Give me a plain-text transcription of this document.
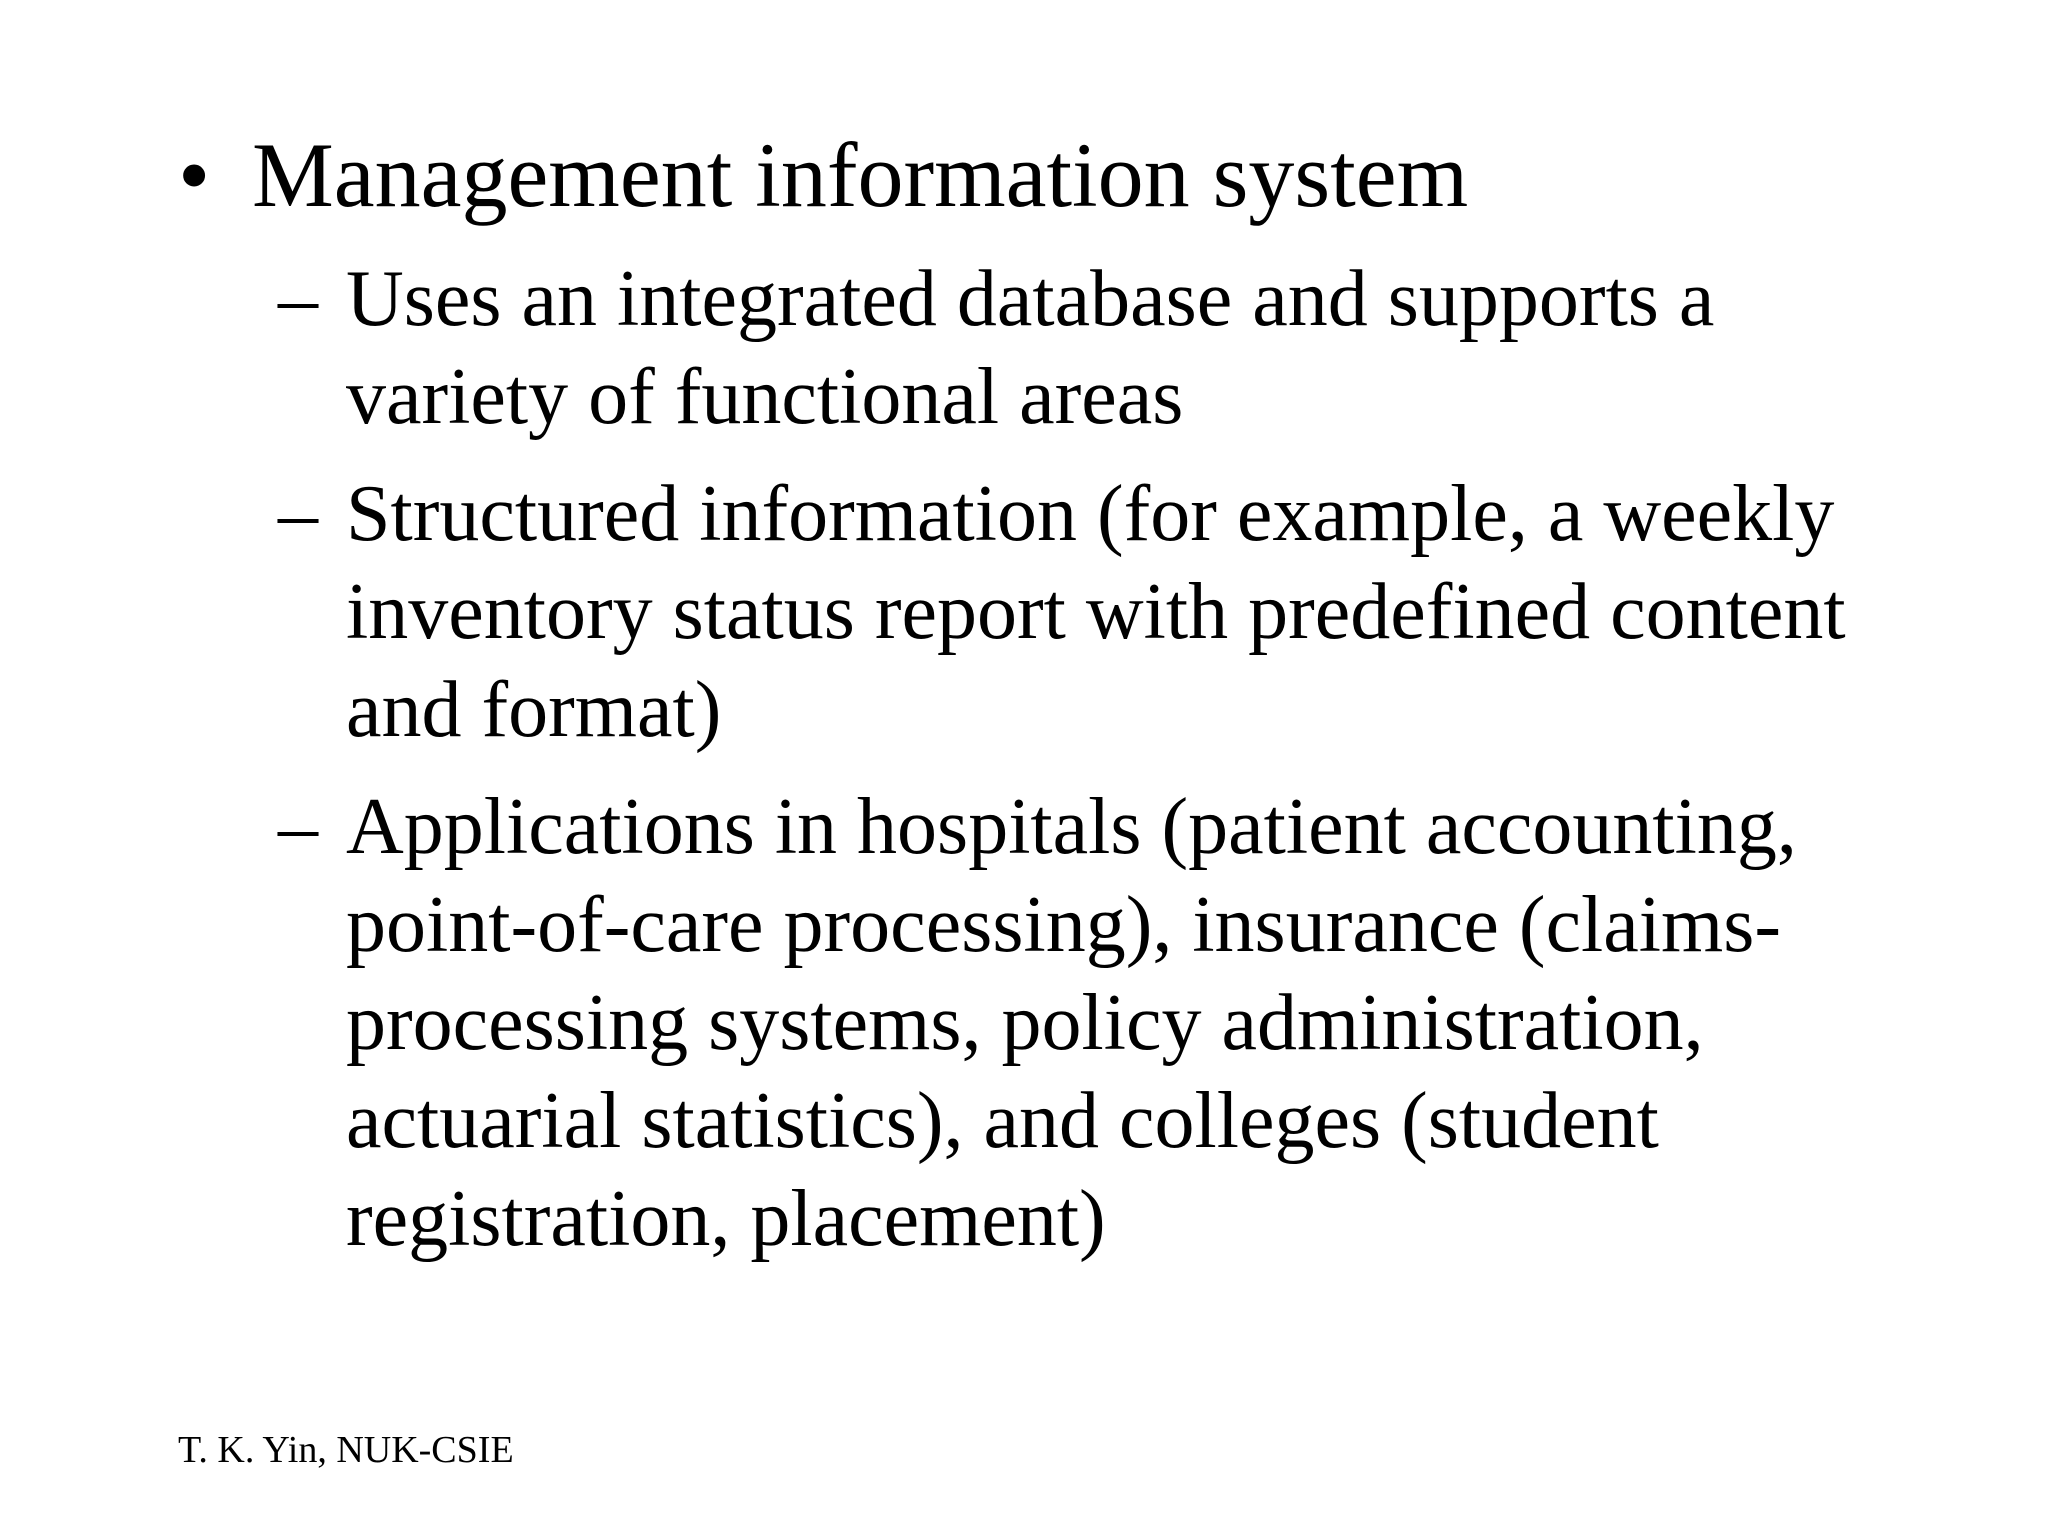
• Management information system
– Uses an integrated database and supports a
variety of functional areas
– Structured information (for example, a weekly
inventory status report with predefined content
and format)
– Applications in hospitals (patient accounting,
point-of-care processing), insurance (claims-
processing systems, policy administration,
actuarial statistics), and colleges (student
registration, placement)
T. K. Yin, NUK-CSIE
